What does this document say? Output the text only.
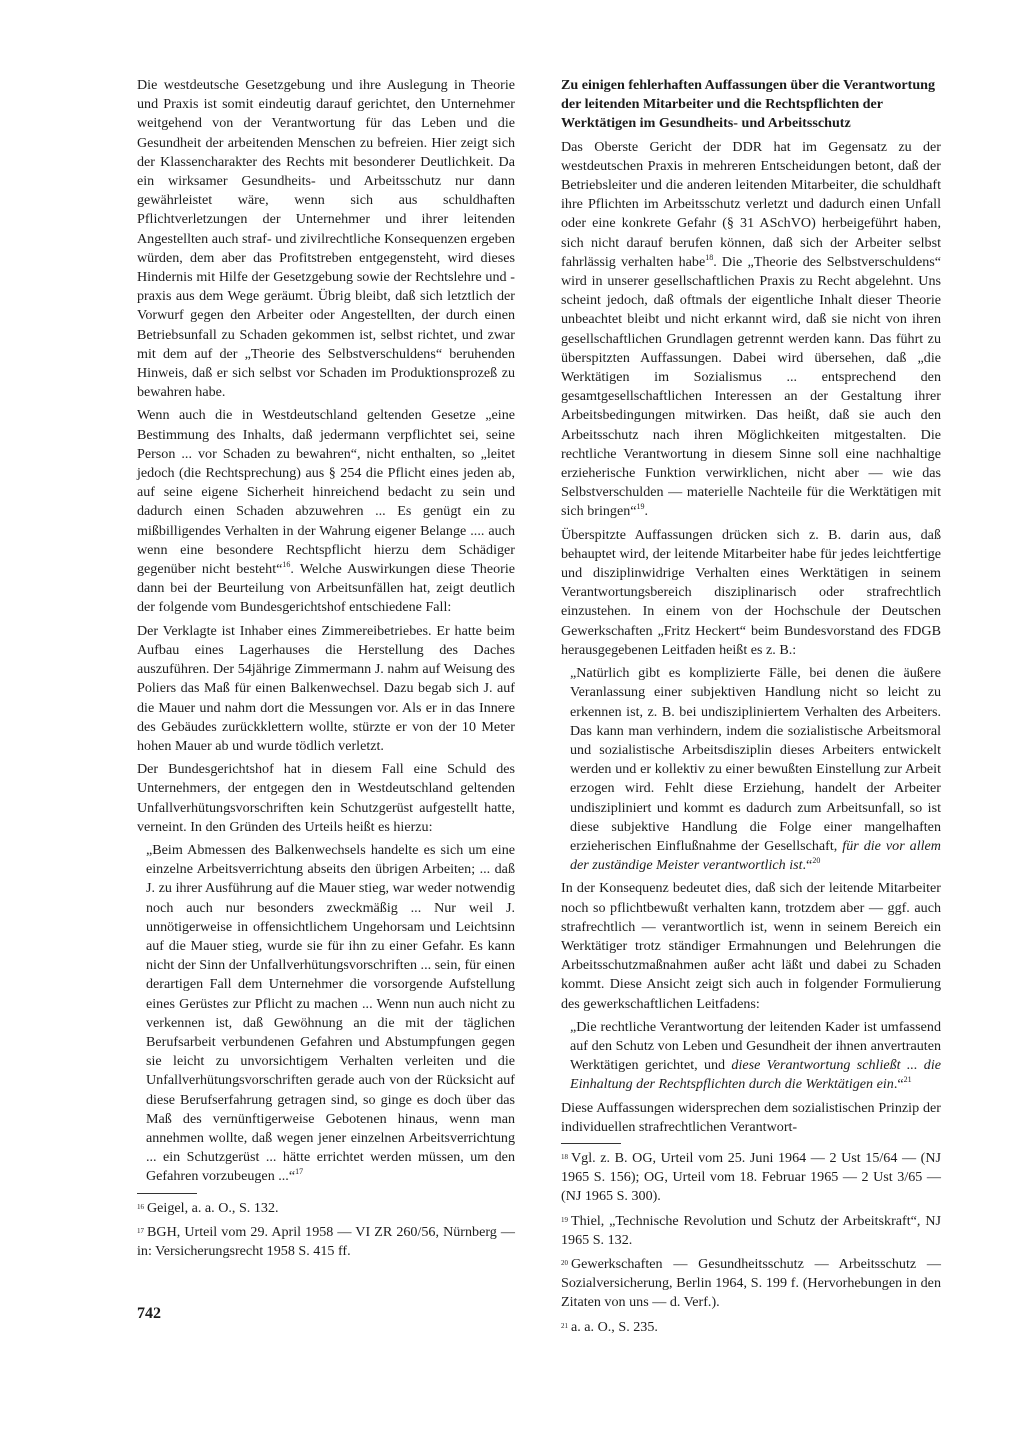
Die westdeutsche Gesetzgebung und ihre Auslegung in Theorie und Praxis ist somit eindeutig darauf gerichtet, den Unternehmer weitgehend von der Verantwortung für das Leben und die Gesundheit der arbeitenden Menschen zu befreien. Hier zeigt sich der Klassencharakter des Rechts mit besonderer Deutlichkeit. Da ein wirksamer Gesundheits- und Arbeitsschutz nur dann gewährleistet wäre, wenn sich aus schuldhaften Pflichtverletzungen der Unternehmer und ihrer leitenden Angestellten auch straf- und zivilrechtliche Konsequenzen ergeben würden, dem aber das Profitstreben entgegensteht, wird dieses Hindernis mit Hilfe der Gesetzgebung sowie der Rechtslehre und -praxis aus dem Wege geräumt. Übrig bleibt, daß sich letztlich der Vorwurf gegen den Arbeiter oder Angestellten, der durch einen Betriebsunfall zu Schaden gekommen ist, selbst richtet, und zwar mit dem auf der „Theorie des Selbstverschuldens“ beruhenden Hinweis, daß er sich selbst vor Schaden im Produktionsprozeß zu bewahren habe.

Wenn auch die in Westdeutschland geltenden Gesetze „eine Bestimmung des Inhalts, daß jedermann verpflichtet sei, seine Person ... vor Schaden zu bewahren“, nicht enthalten, so „leitet jedoch (die Rechtsprechung) aus § 254 die Pflicht eines jeden ab, auf seine eigene Sicherheit hinreichend bedacht zu sein und dadurch einen Schaden abzuwehren ... Es genügt ein zu mißbilligendes Verhalten in der Wahrung eigener Belange .... auch wenn eine besondere Rechtspflicht hierzu dem Schädiger gegenüber nicht besteht“$^{16}$. Welche Auswirkungen diese Theorie dann bei der Beurteilung von Arbeitsunfällen hat, zeigt deutlich der folgende vom Bundesgerichtshof entschiedene Fall:

Der Verklagte ist Inhaber eines Zimmereibetriebes. Er hatte beim Aufbau eines Lagerhauses die Herstellung des Daches auszuführen. Der 54jährige Zimmermann J. nahm auf Weisung des Poliers das Maß für einen Balkenwechsel. Dazu begab sich J. auf die Mauer und nahm dort die Messungen vor. Als er in das Innere des Gebäudes zurückklettern wollte, stürzte er von der 10 Meter hohen Mauer ab und wurde tödlich verletzt.

Der Bundesgerichtshof hat in diesem Fall eine Schuld des Unternehmers, der entgegen den in Westdeutschland geltenden Unfallverhütungsvorschriften kein Schutzgerüst aufgestellt hatte, verneint. In den Gründen des Urteils heißt es hierzu:

„Beim Abmessen des Balkenwechsels handelte es sich um eine einzelne Arbeitsverrichtung abseits den übrigen Arbeiten; ... daß J. zu ihrer Ausführung auf die Mauer stieg, war weder notwendig noch auch nur besonders zweckmäßig ... Nur weil J. unnötigerweise in offensichtlichem Ungehorsam und Leichtsinn auf die Mauer stieg, wurde sie für ihn zu einer Gefahr. Es kann nicht der Sinn der Unfallverhütungsvorschriften ... sein, für einen derartigen Fall dem Unternehmer die vorsorgende Aufstellung eines Gerüstes zur Pflicht zu machen ... Wenn nun auch nicht zu verkennen ist, daß Gewöhnung an die mit der täglichen Berufsarbeit verbundenen Gefahren und Abstumpfungen gegen sie leicht zu unvorsichtigem Verhalten verleiten und die Unfallverhütungsvorschriften gerade auch von der Rücksicht auf diese Berufserfahrung getragen sind, so ginge es doch über das Maß des vernünftigerweise Gebotenen hinaus, wenn man annehmen wollte, daß wegen jener einzelnen Arbeitsverrichtung ... ein Schutzgerüst ... hätte errichtet werden müssen, um den Gefahren vorzubeugen ...“$^{17}$

$^{16}$ Geigel, a. a. O., S. 132.

$^{17}$ BGH, Urteil vom 29. April 1958 — VI ZR 260/56, Nürnberg — in: Versicherungsrecht 1958 S. 415 ff.

Zu einigen fehlerhaften Auffassungen über die Verantwortung der leitenden Mitarbeiter und die Rechtspflichten der Werktätigen im Gesundheits- und Arbeitsschutz

Das Oberste Gericht der DDR hat im Gegensatz zu der westdeutschen Praxis in mehreren Entscheidungen betont, daß der Betriebsleiter und die anderen leitenden Mitarbeiter, die schuldhaft ihre Pflichten im Arbeitsschutz verletzt und dadurch einen Unfall oder eine konkrete Gefahr (§ 31 ASchVO) herbeigeführt haben, sich nicht darauf berufen können, daß sich der Arbeiter selbst fahrlässig verhalten habe$^{18}$. Die „Theorie des Selbstverschuldens“ wird in unserer gesellschaftlichen Praxis zu Recht abgelehnt. Uns scheint jedoch, daß oftmals der eigentliche Inhalt dieser Theorie unbeachtet bleibt und nicht erkannt wird, daß sie nicht von ihren gesellschaftlichen Grundlagen getrennt werden kann. Das führt zu überspitzten Auffassungen. Dabei wird übersehen, daß „die Werktätigen im Sozialismus ... entsprechend den gesamtgesellschaftlichen Interessen an der Gestaltung ihrer Arbeitsbedingungen mitwirken. Das heißt, daß sie auch den Arbeitsschutz nach ihren Möglichkeiten mitgestalten. Die rechtliche Verantwortung in diesem Sinne soll eine nachhaltige erzieherische Funktion verwirklichen, nicht aber — wie das Selbstverschulden — materielle Nachteile für die Werktätigen mit sich bringen“$^{19}$.

Überspitzte Auffassungen drücken sich z. B. darin aus, daß behauptet wird, der leitende Mitarbeiter habe für jedes leichtfertige und disziplinwidrige Verhalten eines Werktätigen in seinem Verantwortungsbereich disziplinarisch oder strafrechtlich einzustehen. In einem von der Hochschule der Deutschen Gewerkschaften „Fritz Heckert“ beim Bundesvorstand des FDGB herausgegebenen Leitfaden heißt es z. B.:

„Natürlich gibt es komplizierte Fälle, bei denen die äußere Veranlassung einer subjektiven Handlung nicht so leicht zu erkennen ist, z. B. bei undiszipliniertem Verhalten des Arbeiters. Das kann man verhindern, indem die sozialistische Arbeitsmoral und sozialistische Arbeitsdisziplin dieses Arbeiters entwickelt werden und er kollektiv zu einer bewußten Einstellung zur Arbeit erzogen wird. Fehlt diese Erziehung, handelt der Arbeiter undiszipliniert und kommt es dadurch zum Arbeitsunfall, so ist diese subjektive Handlung die Folge einer mangelhaften erzieherischen Einflußnahme der Gesellschaft, für die vor allem der zuständige Meister verantwortlich ist.“$^{20}$

In der Konsequenz bedeutet dies, daß sich der leitende Mitarbeiter noch so pflichtbewußt verhalten kann, trotzdem aber — ggf. auch strafrechtlich — verantwortlich ist, wenn in seinem Bereich ein Werktätiger trotz ständiger Ermahnungen und Belehrungen die Arbeitsschutzmaßnahmen außer acht läßt und dabei zu Schaden kommt. Diese Ansicht zeigt sich auch in folgender Formulierung des gewerkschaftlichen Leitfadens:

„Die rechtliche Verantwortung der leitenden Kader ist umfassend auf den Schutz von Leben und Gesundheit der ihnen anvertrauten Werktätigen gerichtet, und diese Verantwortung schließt ... die Einhaltung der Rechtspflichten durch die Werktätigen ein.“$^{21}$

Diese Auffassungen widersprechen dem sozialistischen Prinzip der individuellen strafrechtlichen Verantwort-

$^{18}$ Vgl. z. B. OG, Urteil vom 25. Juni 1964 — 2 Ust 15/64 — (NJ 1965 S. 156); OG, Urteil vom 18. Februar 1965 — 2 Ust 3/65 — (NJ 1965 S. 300).

$^{19}$ Thiel, „Technische Revolution und Schutz der Arbeitskraft“, NJ 1965 S. 132.

$^{20}$ Gewerkschaften — Gesundheitsschutz — Arbeitsschutz — Sozialversicherung, Berlin 1964, S. 199 f. (Hervorhebungen in den Zitaten von uns — d. Verf.).

$^{21}$ a. a. O., S. 235.

742
